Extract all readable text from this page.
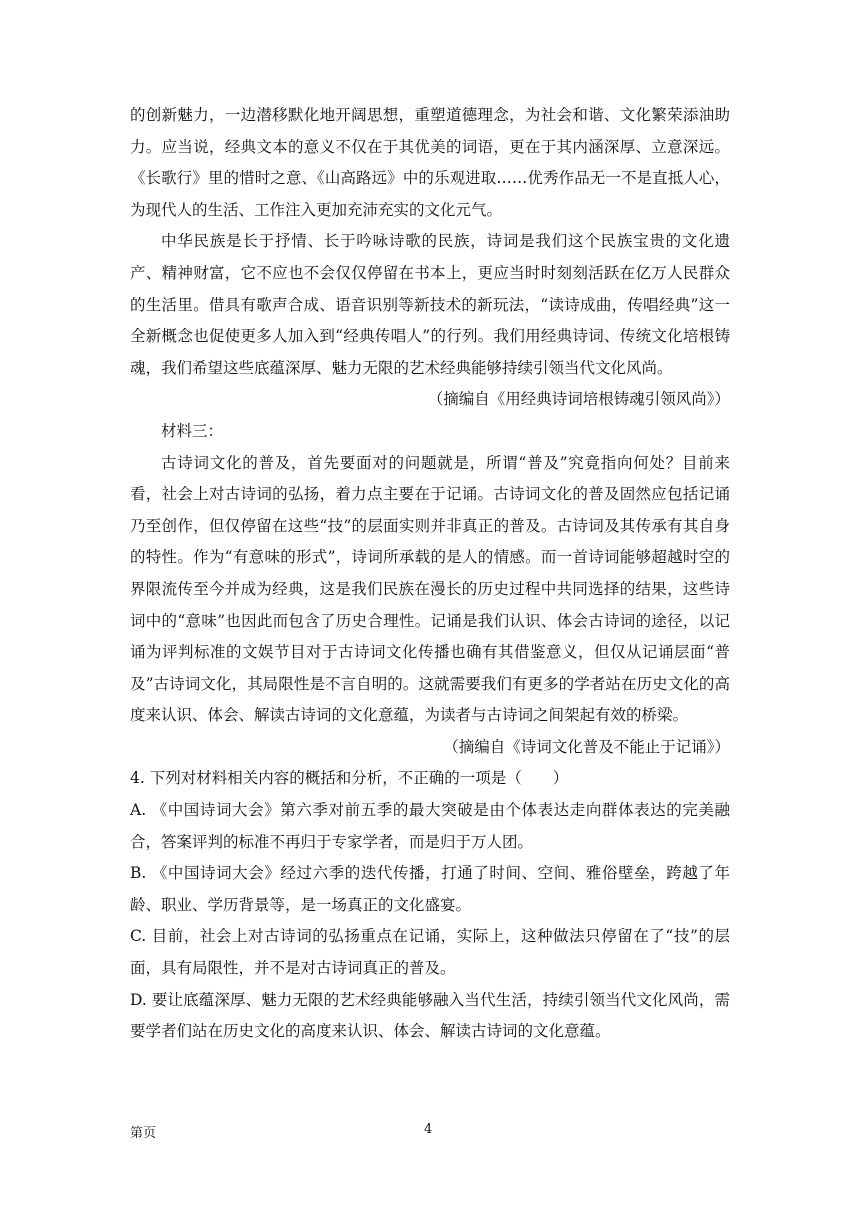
的创新魅力，一边潜移默化地开阔思想，重塑道德理念，为社会和谐、文化繁荣添油助力。应当说，经典文本的意义不仅在于其优美的词语，更在于其内涵深厚、立意深远。《长歌行》里的惜时之意、《山高路远》中的乐观进取……优秀作品无一不是直抵人心，为现代人的生活、工作注入更加充沛充实的文化元气。

中华民族是长于抒情、长于吟咏诗歌的民族，诗词是我们这个民族宝贵的文化遗产、精神财富，它不应也不会仅仅停留在书本上，更应当时时刻刻活跃在亿万人民群众的生活里。借具有歌声合成、语音识别等新技术的新玩法，“读诗成曲，传唱经典”这一全新概念也促使更多人加入到“经典传唱人”的行列。我们用经典诗词、传统文化培根铸魂，我们希望这些底蕴深厚、魅力无限的艺术经典能够持续引领当代文化风尚。

（摘编自《用经典诗词培根铸魂引领风尚》）

材料三：

古诗词文化的普及，首先要面对的问题就是，所谓“普及”究竟指向何处？目前来看，社会上对古诗词的弘扬，着力点主要在于记诵。古诗词文化的普及固然应包括记诵乃至创作，但仅停留在这些“技”的层面实则并非真正的普及。古诗词及其传承有其自身的特性。作为“有意味的形式”，诗词所承载的是人的情感。而一首诗词能够超越时空的界限流传至今并成为经典，这是我们民族在漫长的历史过程中共同选择的结果，这些诗词中的“意味”也因此而包含了历史合理性。记诵是我们认识、体会古诗词的途径，以记诵为评判标准的文娱节目对于古诗词文化传播也确有其借鉴意义，但仅从记诵层面“普及”古诗词文化，其局限性是不言自明的。这就需要我们有更多的学者站在历史文化的高度来认识、体会、解读古诗词的文化意蕴，为读者与古诗词之间架起有效的桥梁。

（摘编自《诗词文化普及不能止于记诵》）

4. 下列对材料相关内容的概括和分析，不正确的一项是（　　）

A. 《中国诗词大会》第六季对前五季的最大突破是由个体表达走向群体表达的完美融合，答案评判的标准不再归于专家学者，而是归于万人团。

B. 《中国诗词大会》经过六季的迭代传播，打通了时间、空间、雅俗壁垒，跨越了年龄、职业、学历背景等，是一场真正的文化盛宴。

C. 目前，社会上对古诗词的弘扬重点在记诵，实际上，这种做法只停留在了“技”的层面，具有局限性，并不是对古诗词真正的普及。

D. 要让底蕴深厚、魅力无限的艺术经典能够融入当代生活，持续引领当代文化风尚，需要学者们站在历史文化的高度来认识、体会、解读古诗词的文化意蕴。

第页	4
